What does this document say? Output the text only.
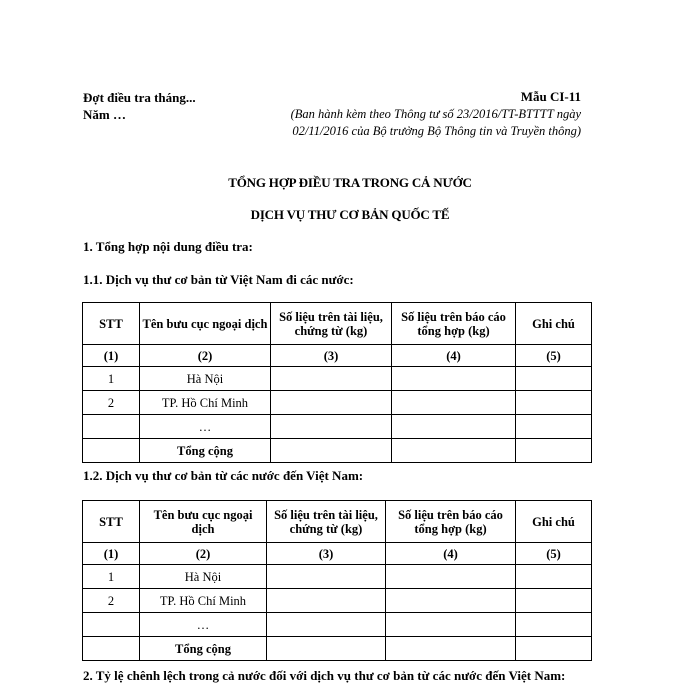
Đợt điều tra tháng...
Năm …
Mẫu CI-11
(Ban hành kèm theo Thông tư số 23/2016/TT-BTTTT ngày
02/11/2016 của Bộ trưởng Bộ Thông tin và Truyền thông)
TỔNG HỢP ĐIỀU TRA TRONG CẢ NƯỚC
DỊCH VỤ THƯ CƠ BẢN QUỐC TẾ
1. Tổng hợp nội dung điều tra:
1.1. Dịch vụ thư cơ bản từ Việt Nam đi các nước:
STT	Tên bưu cục ngoại dịch	Số liệu trên tài liệu, chứng từ (kg)	Số liệu trên báo cáo tổng hợp (kg)	Ghi chú
(1)	(2)	(3)	(4)	(5)
1	Hà Nội			
2	TP. Hồ Chí Minh			
	…			
	Tổng cộng			
1.2. Dịch vụ thư cơ bản từ các nước đến Việt Nam:
STT	Tên bưu cục ngoại dịch	Số liệu trên tài liệu, chứng từ (kg)	Số liệu trên báo cáo tổng hợp (kg)	Ghi chú
(1)	(2)	(3)	(4)	(5)
1	Hà Nội			
2	TP. Hồ Chí Minh			
	…			
	Tổng cộng			
2. Tỷ lệ chênh lệch trong cả nước đối với dịch vụ thư cơ bản từ các nước đến Việt Nam:
